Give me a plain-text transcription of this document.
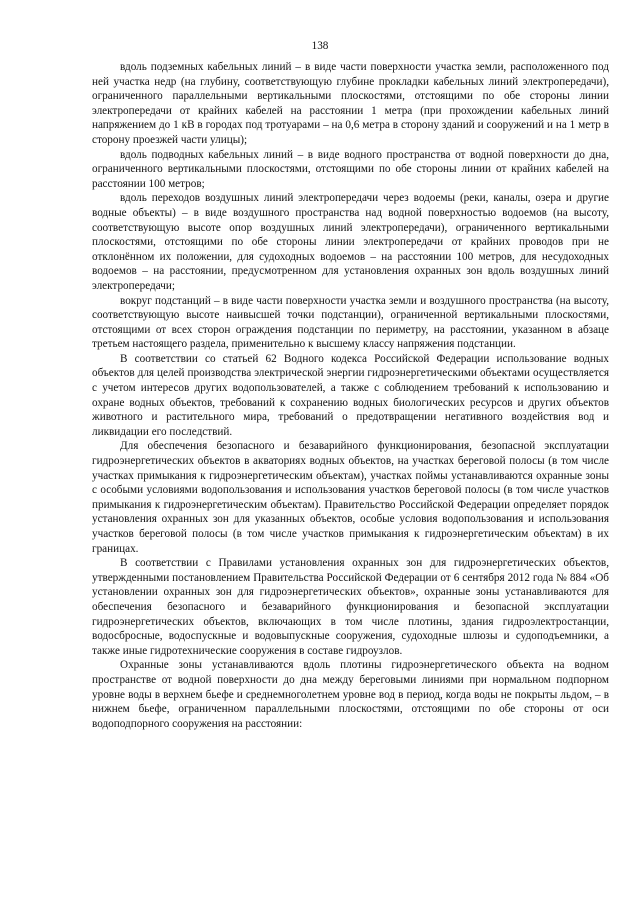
138

вдоль подземных кабельных линий – в виде части поверхности участка земли, расположенного под ней участка недр (на глубину, соответствующую глубине прокладки кабельных линий электропередачи), ограниченного параллельными вертикальными плоскостями, отстоящими по обе стороны линии электропередачи от крайних кабелей на расстоянии 1 метра (при прохождении кабельных линий напряжением до 1 кВ в городах под тротуарами – на 0,6 метра в сторону зданий и сооружений и на 1 метр в сторону проезжей части улицы);

вдоль подводных кабельных линий – в виде водного пространства от водной поверхности до дна, ограниченного вертикальными плоскостями, отстоящими по обе стороны линии от крайних кабелей на расстоянии 100 метров;

вдоль переходов воздушных линий электропередачи через водоемы (реки, каналы, озера и другие водные объекты) – в виде воздушного пространства над водной поверхностью водоемов (на высоту, соответствующую высоте опор воздушных линий электропередачи), ограниченного вертикальными плоскостями, отстоящими по обе стороны линии электропередачи от крайних проводов при не отклонённом их положении, для судоходных водоемов – на расстоянии 100 метров, для несудоходных водоемов – на расстоянии, предусмотренном для установления охранных зон вдоль воздушных линий электропередачи;

вокруг подстанций – в виде части поверхности участка земли и воздушного пространства (на высоту, соответствующую высоте наивысшей точки подстанции), ограниченной вертикальными плоскостями, отстоящими от всех сторон ограждения подстанции по периметру, на расстоянии, указанном в абзаце третьем настоящего раздела, применительно к высшему классу напряжения подстанции.

В соответствии со статьей 62 Водного кодекса Российской Федерации использование водных объектов для целей производства электрической энергии гидроэнергетическими объектами осуществляется с учетом интересов других водопользователей, а также с соблюдением требований к использованию и охране водных объектов, требований к сохранению водных биологических ресурсов и других объектов животного и растительного мира, требований о предотвращении негативного воздействия вод и ликвидации его последствий.

Для обеспечения безопасного и безаварийного функционирования, безопасной эксплуатации гидроэнергетических объектов в акваториях водных объектов, на участках береговой полосы (в том числе участках примыкания к гидроэнергетическим объектам), участках поймы устанавливаются охранные зоны с особыми условиями водопользования и использования участков береговой полосы (в том числе участков примыкания к гидроэнергетическим объектам). Правительство Российской Федерации определяет порядок установления охранных зон для указанных объектов, особые условия водопользования и использования участков береговой полосы (в том числе участков примыкания к гидроэнергетическим объектам) в их границах.

В соответствии с Правилами установления охранных зон для гидроэнергетических объектов, утвержденными постановлением Правительства Российской Федерации от 6 сентября 2012 года № 884 «Об установлении охранных зон для гидроэнергетических объектов», охранные зоны устанавливаются для обеспечения безопасного и безаварийного функционирования и безопасной эксплуатации гидроэнергетических объектов, включающих в том числе плотины, здания гидроэлектростанции, водосбросные, водоспускные и водовыпускные сооружения, судоходные шлюзы и судоподъемники, а также иные гидротехнические сооружения в составе гидроузлов.

Охранные зоны устанавливаются вдоль плотины гидроэнергетического объекта на водном пространстве от водной поверхности до дна между береговыми линиями при нормальном подпорном уровне воды в верхнем бьефе и среднемноголетнем уровне вод в период, когда воды не покрыты льдом, – в нижнем бьефе, ограниченном параллельными плоскостями, отстоящими по обе стороны от оси водоподпорного сооружения на расстоянии:
